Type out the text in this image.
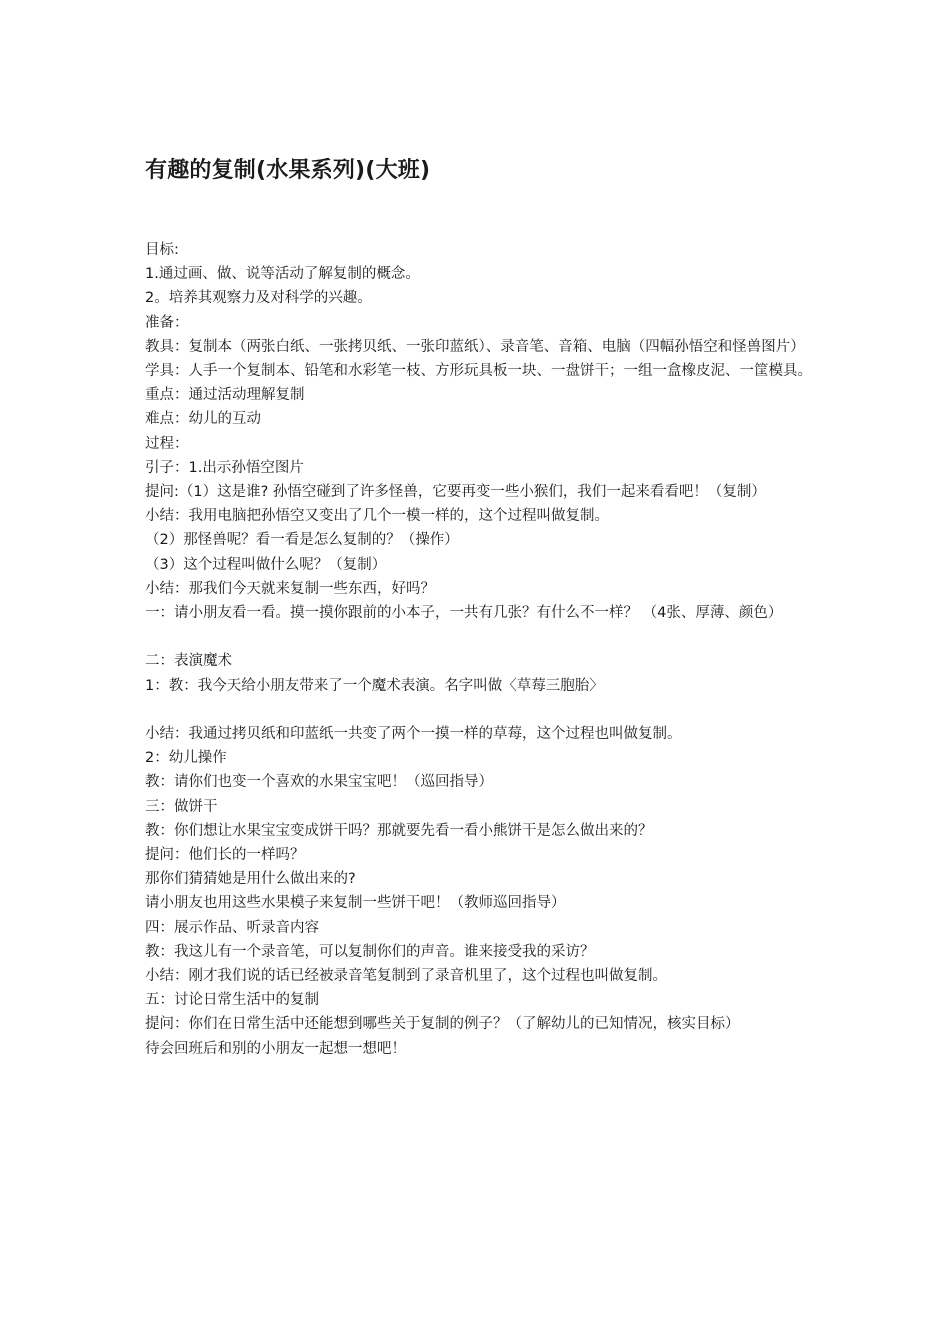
有趣的复制(水果系列)(大班)
目标:
1.通过画、做、说等活动了解复制的概念。
2。培养其观察力及对科学的兴趣。
准备：
教具：复制本（两张白纸、一张拷贝纸、一张印蓝纸）、录音笔、音箱、电脑（四幅孙悟空和怪兽图片）
学具：人手一个复制本、铅笔和水彩笔一枝、方形玩具板一块、一盘饼干；一组一盒橡皮泥、一筐模具。
重点：通过活动理解复制
难点：幼儿的互动
过程：
引子：1.出示孙悟空图片
提问:（1）这是谁? 孙悟空碰到了许多怪兽，它要再变一些小猴们，我们一起来看看吧！（复制）
小结：我用电脑把孙悟空又变出了几个一模一样的，这个过程叫做复制。
（2）那怪兽呢？看一看是怎么复制的？（操作）
（3）这个过程叫做什么呢？（复制）
小结：那我们今天就来复制一些东西，好吗？
一：请小朋友看一看。摸一摸你跟前的小本子，一共有几张？有什么不一样？ （4张、厚薄、颜色）
二：表演魔术
1：教：我今天给小朋友带来了一个魔术表演。名字叫做〈草莓三胞胎〉
小结：我通过拷贝纸和印蓝纸一共变了两个一摸一样的草莓，这个过程也叫做复制。
2：幼儿操作
教：请你们也变一个喜欢的水果宝宝吧！（巡回指导）
三：做饼干
教：你们想让水果宝宝变成饼干吗？那就要先看一看小熊饼干是怎么做出来的？
提问：他们长的一样吗？
那你们猜猜她是用什么做出来的?
请小朋友也用这些水果模子来复制一些饼干吧！（教师巡回指导）
四：展示作品、听录音内容
教：我这儿有一个录音笔，可以复制你们的声音。谁来接受我的采访？
小结：刚才我们说的话已经被录音笔复制到了录音机里了，这个过程也叫做复制。
五：讨论日常生活中的复制
提问：你们在日常生活中还能想到哪些关于复制的例子？（了解幼儿的已知情况，核实目标）
待会回班后和别的小朋友一起想一想吧！
